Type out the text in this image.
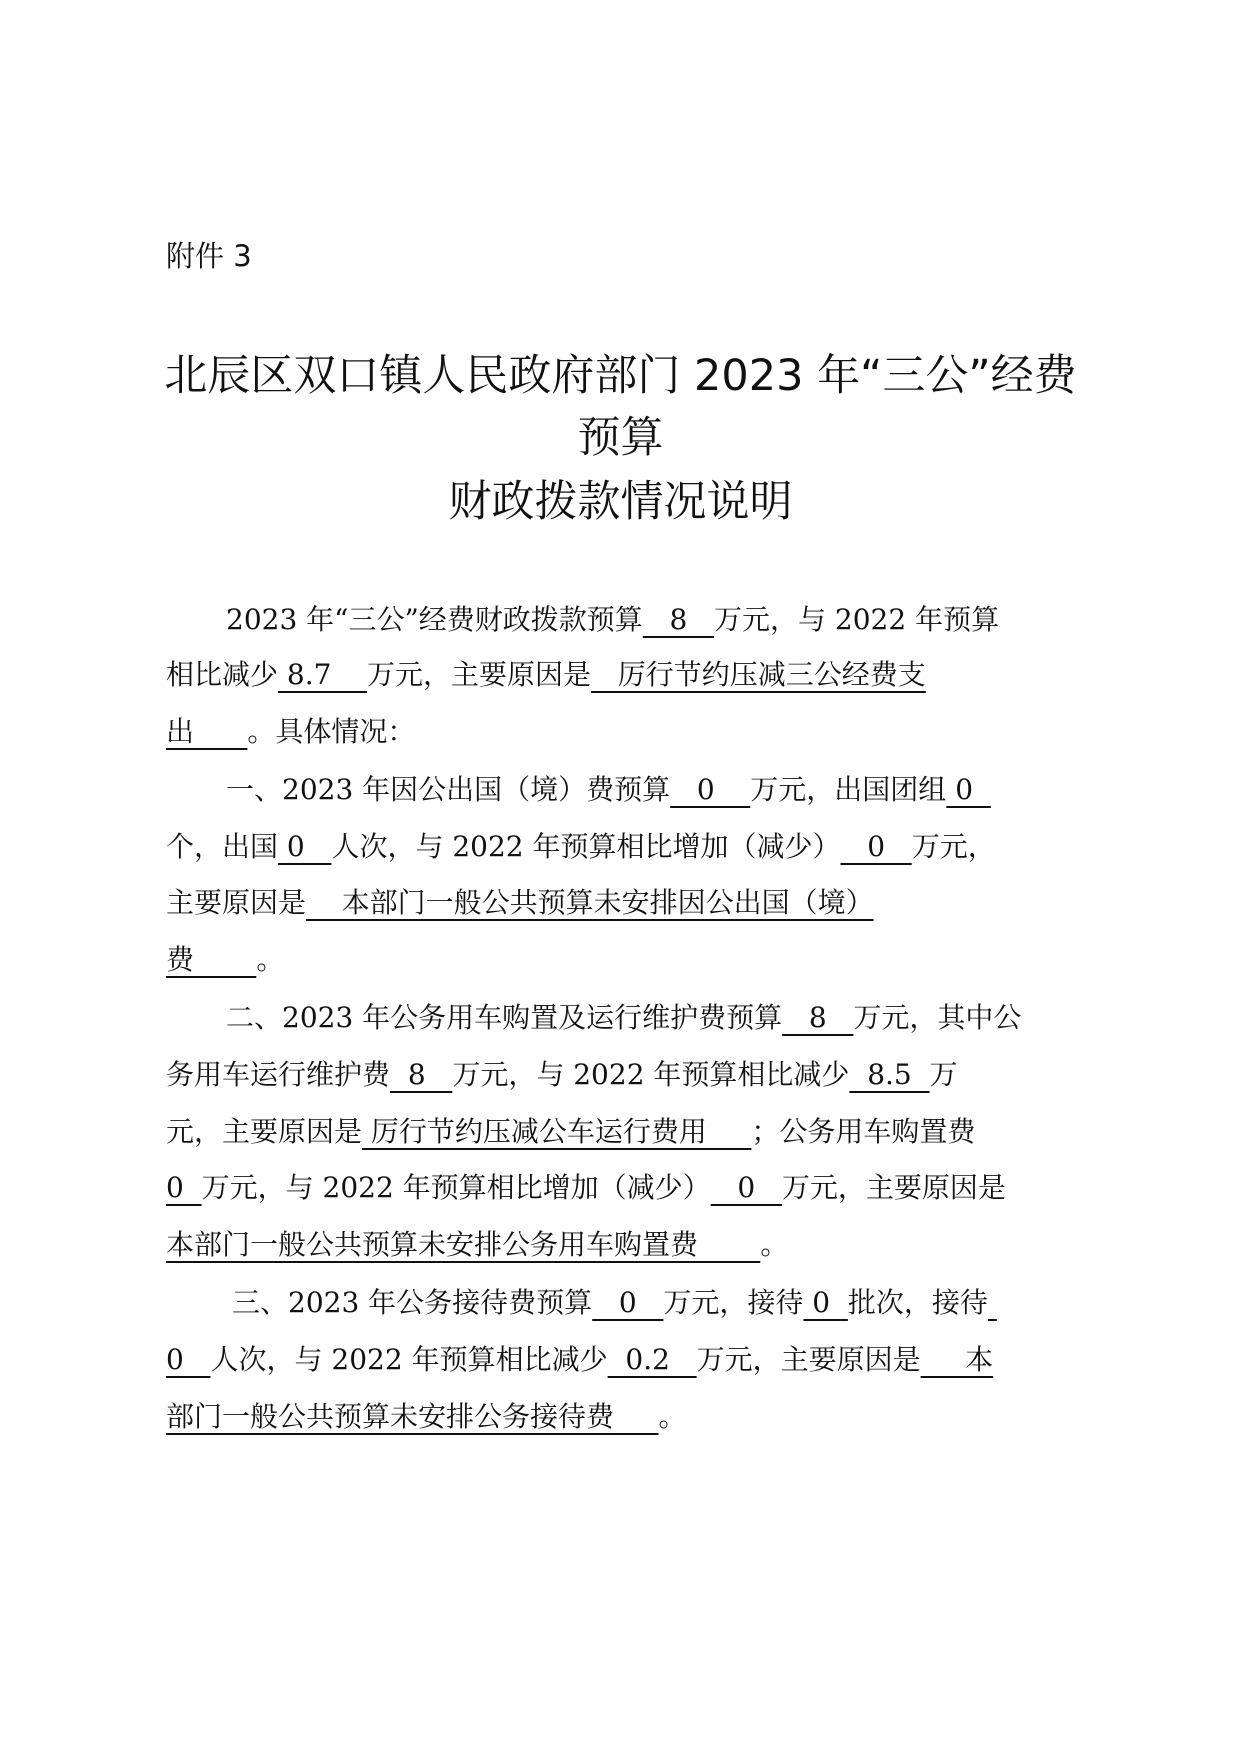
附件 3
北辰区双口镇人民政府部门 2023 年“三公”经费
预算
财政拨款情况说明
2023 年“三公”经费财政拨款预算   8   万元，与 2022 年预算
相比减少 8.7    万元，主要原因是   厉行节约压减三公经费支
出      。具体情况：
一、2023 年因公出国（境）费预算   0    万元，出国团组 0
个，出国 0   人次，与 2022 年预算相比增加（减少）   0   万元，
主要原因是    本部门一般公共预算未安排因公出国（境）
费       。
二、2023 年公务用车购置及运行维护费预算   8   万元，其中公
务用车运行维护费  8   万元，与 2022 年预算相比减少  8.5  万
元，主要原因是 厉行节约压减公车运行费用     ；公务用车购置费
0  万元，与 2022 年预算相比增加（减少）   0   万元，主要原因是
本部门一般公共预算未安排公务用车购置费       。
三、2023 年公务接待费预算   0   万元，接待 0  批次，接待
0   人次，与 2022 年预算相比减少  0.2   万元，主要原因是     本
部门一般公共预算未安排公务接待费     。
